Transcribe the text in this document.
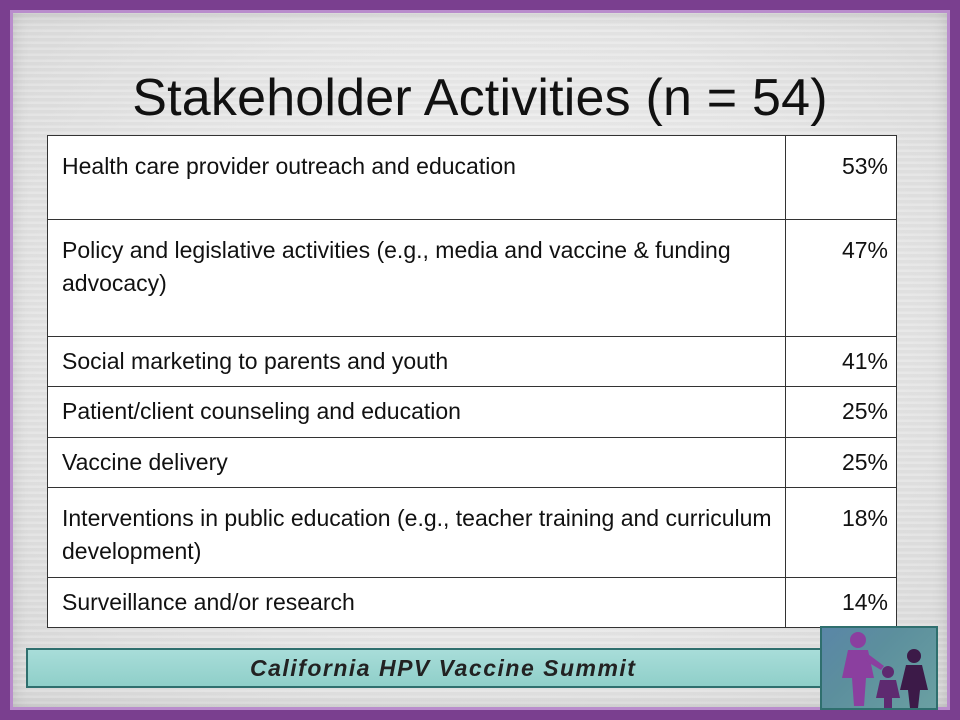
Stakeholder Activities (n = 54)
Health care provider outreach and education	53%
Policy and legislative activities (e.g., media and vaccine & funding advocacy)	47%
Social marketing to parents and youth	41%
Patient/client counseling and education	25%
Vaccine delivery	25%
Interventions in public education (e.g., teacher training and curriculum development)	18%
Surveillance and/or research	14%
California HPV Vaccine Summit
